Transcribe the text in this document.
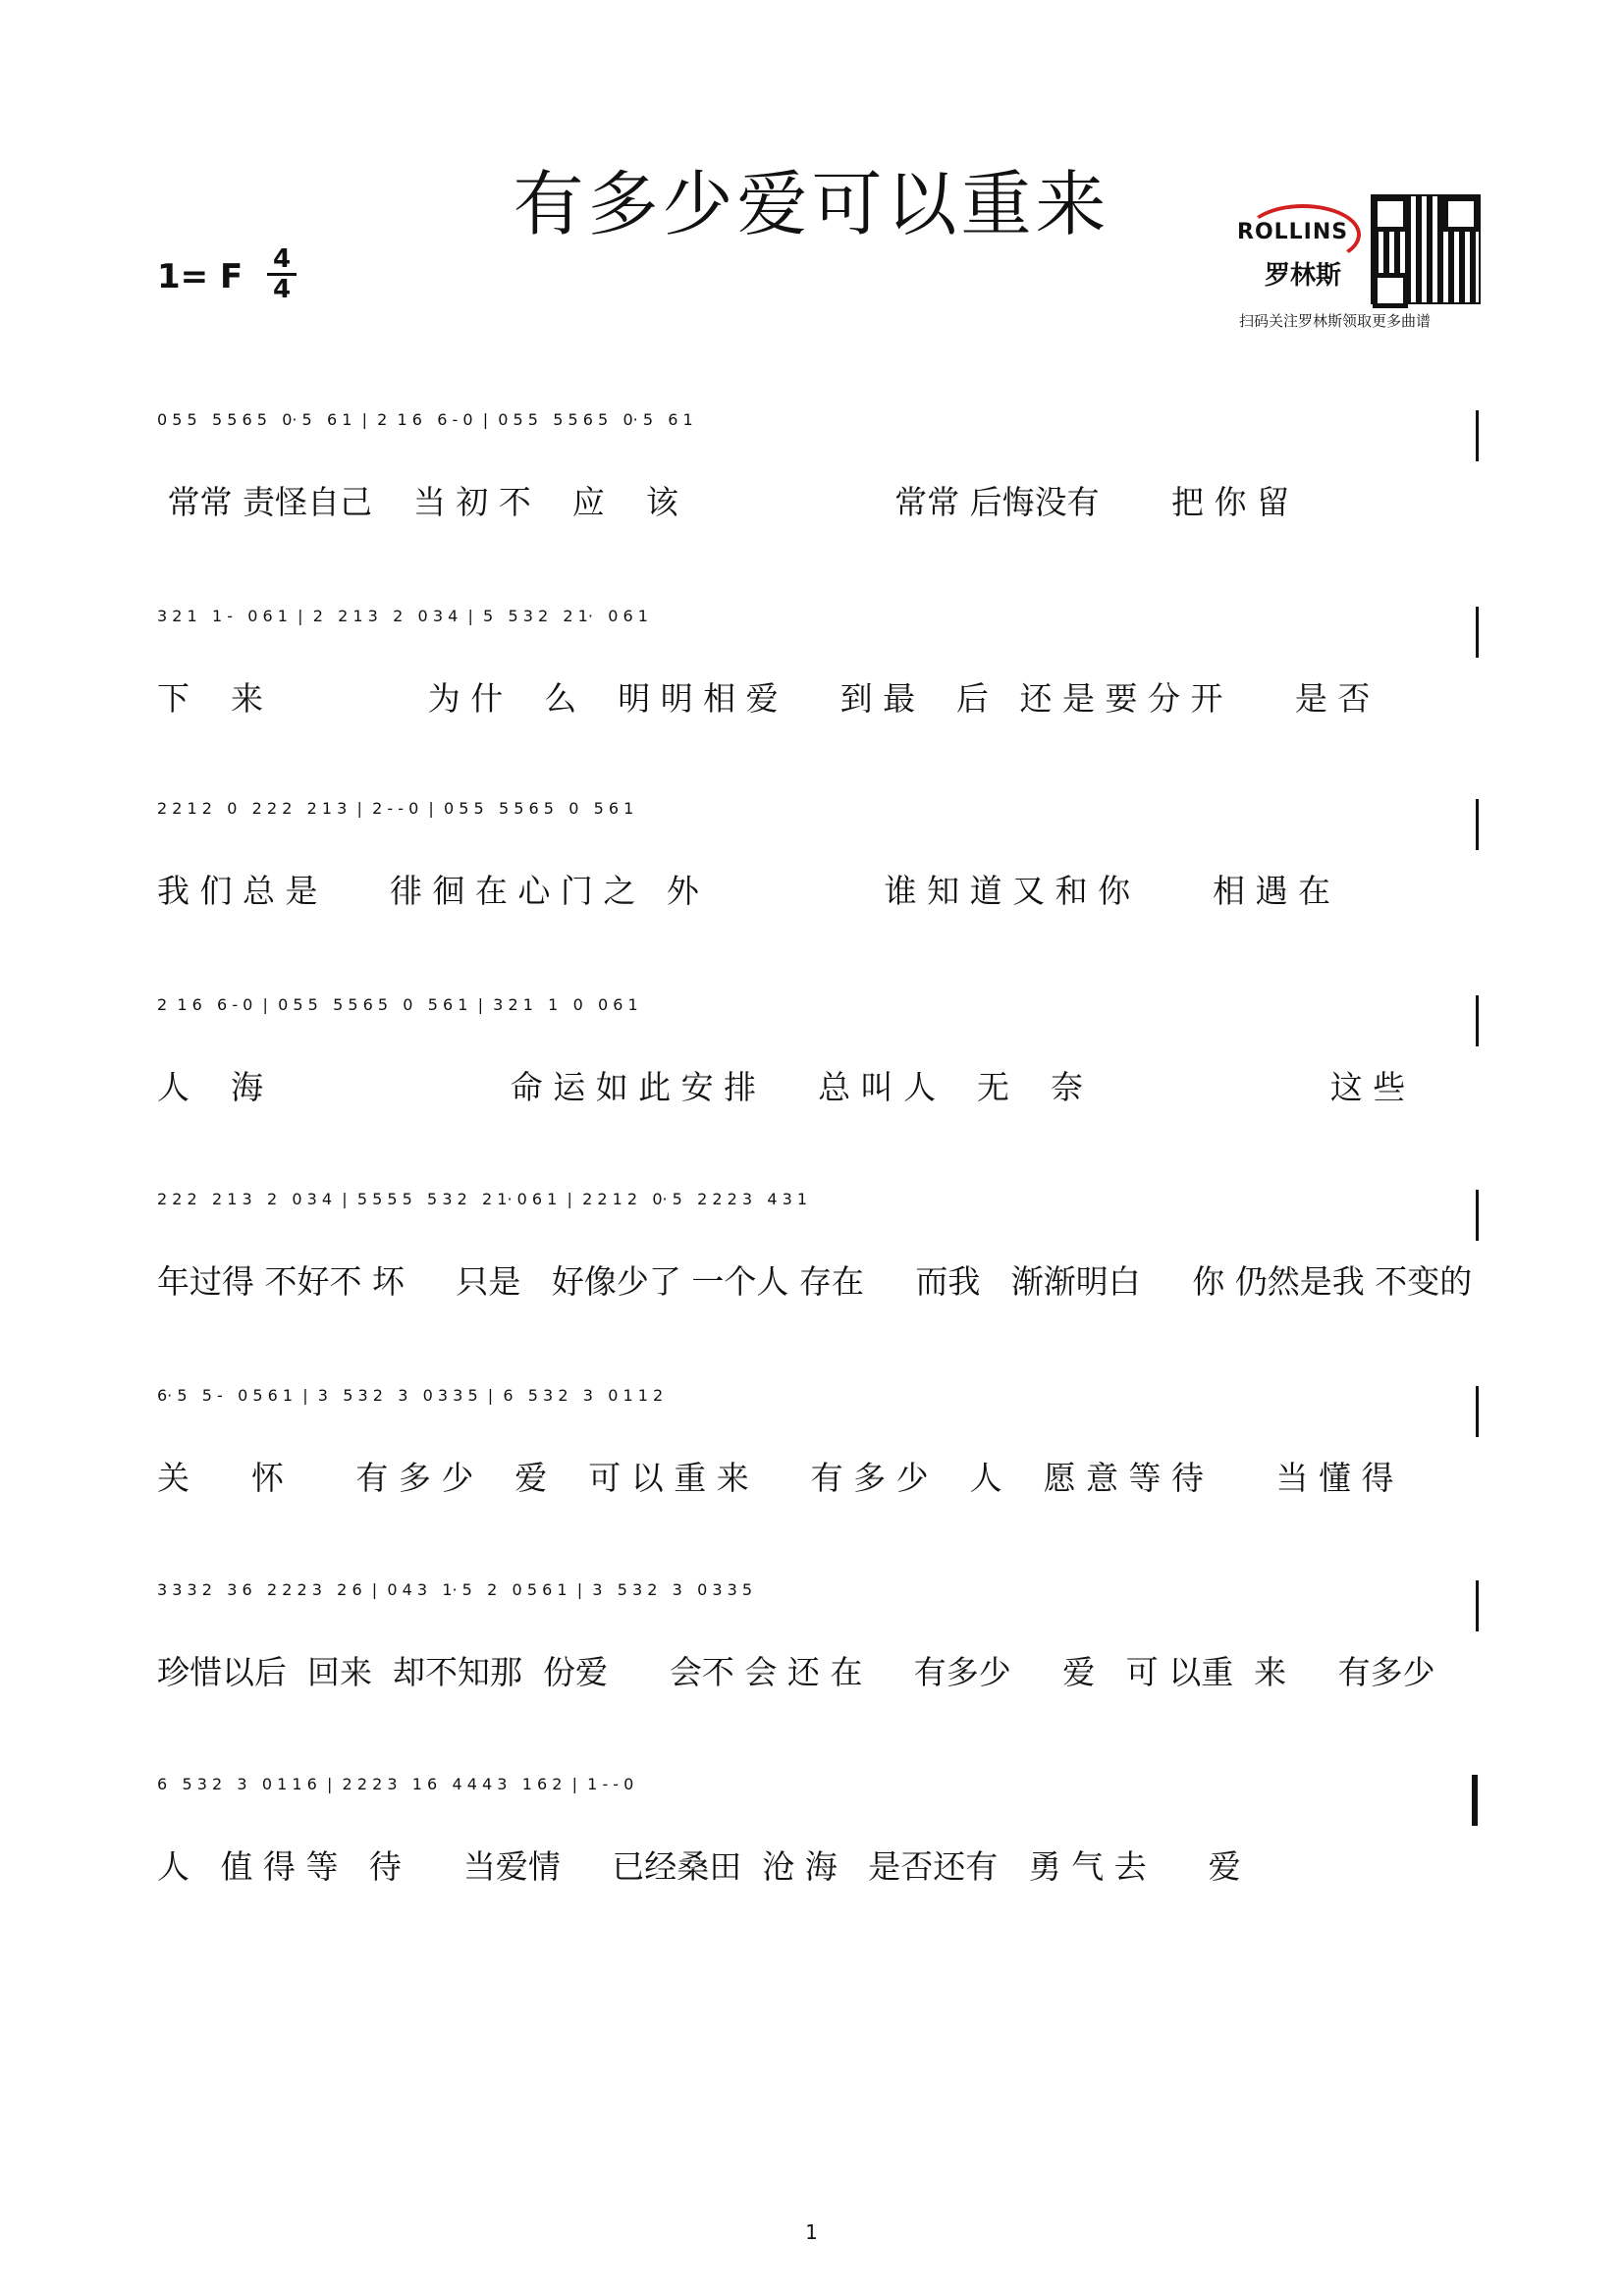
有多少爱可以重来
1= F	4
4
ROLLINS
罗林斯
扫码关注罗林斯领取更多曲谱
0 5 5   5 5 6 5   0· 5   6 1  |  2  1 6   6 - 0  |  0 5 5   5 5 6 5   0· 5   6 1
常常 责怪自己    当 初 不    应    该                     常常 后悔没有       把 你 留
3 2 1   1 -   0 6 1  |  2   2 1 3   2   0 3 4  |  5   5 3 2   2 1·   0 6 1
下    来                为 什    么    明 明 相 爱      到 最    后   还 是 要 分 开       是 否
2 2 1 2   0   2 2 2   2 1 3  |  2 - - 0  |  0 5 5   5 5 6 5   0   5 6 1
我 们 总 是       徘 徊 在 心 门 之   外                  谁 知 道 又 和 你        相 遇 在
2  1 6   6 - 0  |  0 5 5   5 5 6 5   0   5 6 1  |  3 2 1   1   0   0 6 1
人    海                        命 运 如 此 安 排      总 叫 人    无    奈                        这 些
2 2 2   2 1 3   2   0 3 4  |  5 5 5 5   5 3 2   2 1· 0 6 1  |  2 2 1 2   0· 5   2 2 2 3   4 3 1
年过得 不好不 坏     只是   好像少了 一个人 存在     而我   渐渐明白     你 仍然是我 不变的
6· 5   5 -   0 5 6 1  |  3   5 3 2   3   0 3 3 5  |  6   5 3 2   3   0 1 1 2
关      怀       有 多 少    爱    可 以 重 来      有 多 少    人    愿 意 等 待       当 懂 得
3 3 3 2   3 6   2 2 2 3   2 6  |  0 4 3   1· 5   2   0 5 6 1  |  3   5 3 2   3   0 3 3 5
珍惜以后  回来  却不知那  份爱      会不 会 还 在     有多少     爱   可 以重  来     有多少
6   5 3 2   3   0 1 1 6  |  2 2 2 3   1 6   4 4 4 3   1 6 2  |  1 - - 0
人   值 得 等   待      当爱情     已经桑田  沧 海   是否还有   勇 气 去      爱
1
